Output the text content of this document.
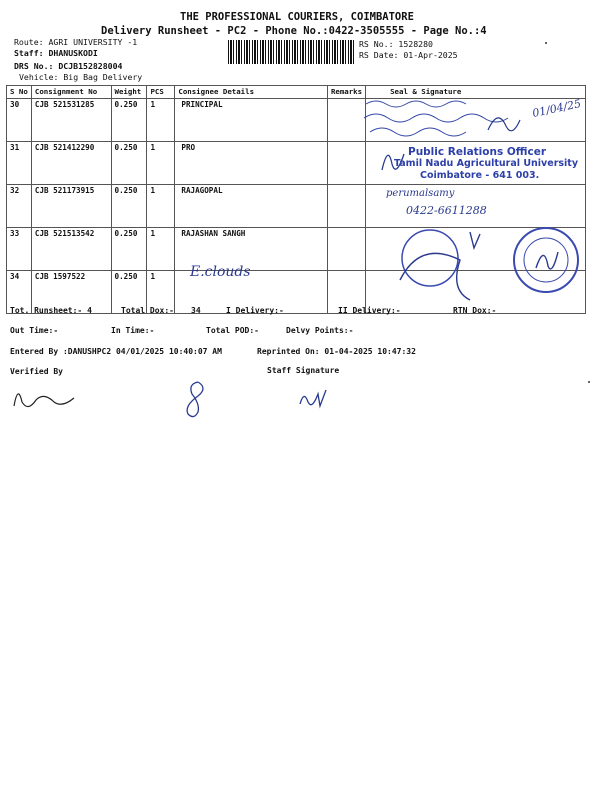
THE PROFESSIONAL COURIERS, COIMBATORE
Delivery Runsheet - PC2 - Phone No.:0422-3505555 - Page No.:4
Route: AGRI UNIVERSITY -1
Staff: DHANUSKODI
DRS No.: DCJB152828004
Vehicle: Big Bag Delivery
RS No.: 1528280
RS Date: 01-Apr-2025
S No	Consignment No	Weight	PCS	Consignee Details	Remarks	Seal & Signature
30	CJB 521531285	0.250	1	PRINCIPAL		
31	CJB 521412290	0.250	1	PRO		
32	CJB 521173915	0.250	1	RAJAGOPAL		
33	CJB 521513542	0.250	1	RAJASHAN SANGH		
34	CJB 1597522	0.250	1			
01/04/25
Public Relations Officer
Tamil Nadu Agricultural University
Coimbatore - 641 003.
perumalsamy
0422-6611288
E.clouds
Tot. Runsheet:- 4	Total Dox:- 34	I Delivery:-	II Delivery:-	RTN Dox:-
Out Time:-	In Time:-	Total POD:-	Delvy Points:-
Entered By :DANUSHPC2 04/01/2025 10:40:07 AM	Reprinted On: 01-04-2025 10:47:32
Verified By	Staff Signature
